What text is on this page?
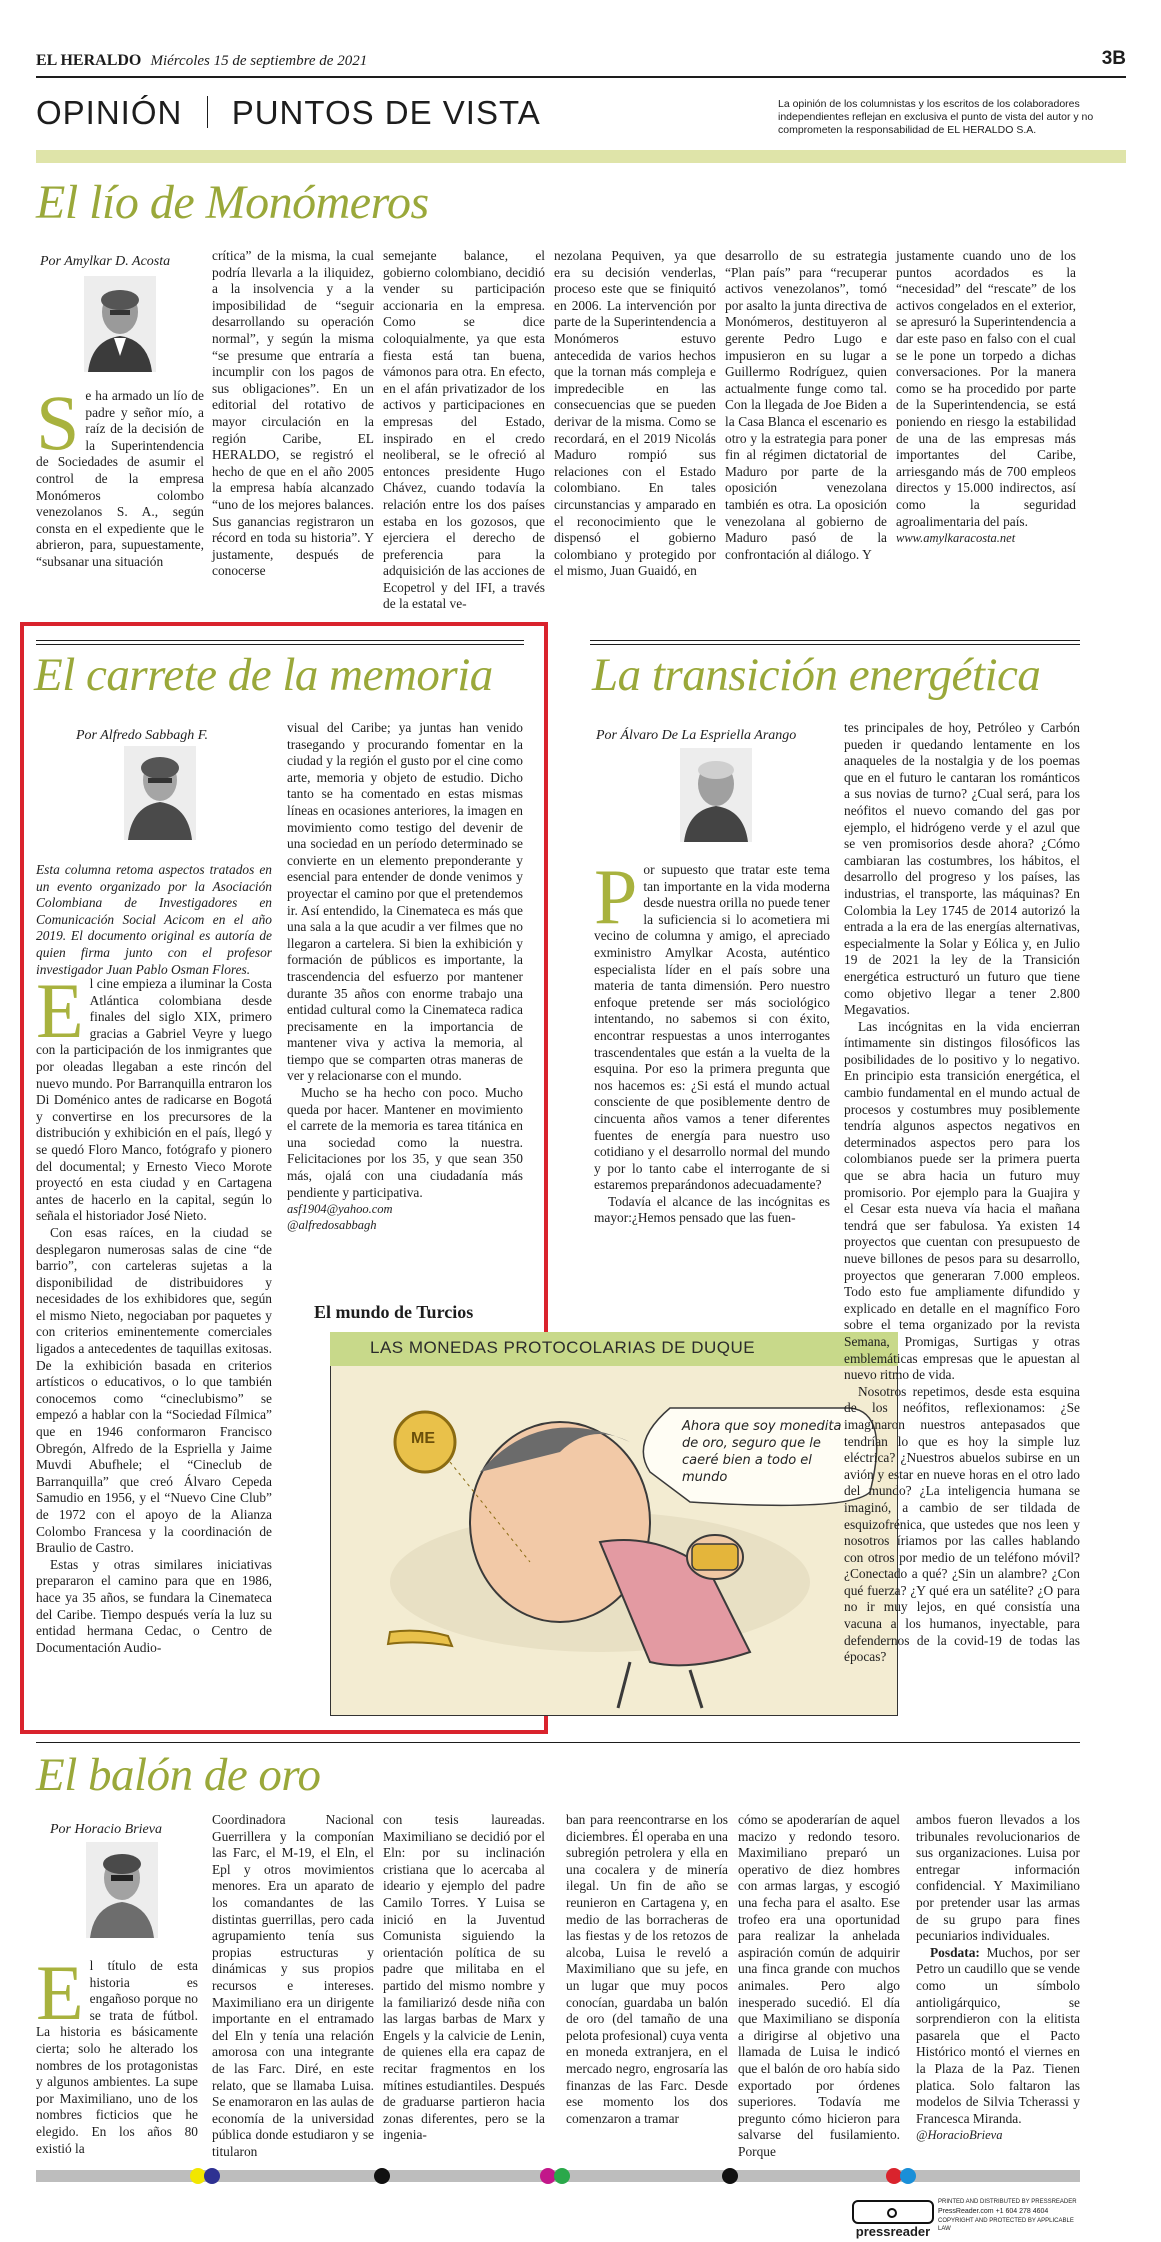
EL HERALDO Miércoles 15 de septiembre de 2021	3B
OPINIÓN PUNTOS DE VISTA	La opinión de los columnistas y los escritos de los colaboradores independientes reflejan en exclusiva el punto de vista del autor y no comprometen la responsabilidad de EL HERALDO S.A.
El lío de Monómeros
Por Amylkar D. Acosta

Se ha armado un lío de padre y señor mío, a raíz de la decisión de la Superintendencia de Sociedades de asumir el control de la empresa Monómeros colombo venezolanos S. A., según consta en el expediente que le abrieron, para, supuestamente, “subsanar una situación

crítica” de la misma, la cual podría llevarla a la iliquidez, a la insolvencia y a la imposibilidad de “seguir desarrollando su operación normal”, y según la misma “se presume que entraría a incumplir con los pagos de sus obligaciones”. En un editorial del rotativo de mayor circulación en la región Caribe, EL HERALDO, se registró el hecho de que en el año 2005 la empresa había alcanzado “uno de los mejores balances. Sus ganancias registraron un récord en toda su historia”. Y justamente, después de conocerse

semejante balance, el gobierno colombiano, decidió vender su participación accionaria en la empresa. Como se dice coloquialmente, ya que esta fiesta está tan buena, vámonos para otra. En efecto, en el afán privatizador de los activos y participaciones en empresas del Estado, inspirado en el credo neoliberal, se le ofreció al entonces presidente Hugo Chávez, cuando todavía la relación entre los dos países estaba en los gozosos, que ejerciera el derecho de preferencia para la adquisición de las acciones de Ecopetrol y del IFI, a través de la estatal ve-

nezolana Pequiven, ya que era su decisión venderlas, proceso este que se finiquitó en 2006. La intervención por parte de la Superintendencia a Monómeros estuvo antecedida de varios hechos que la tornan más compleja e impredecible en las consecuencias que se pueden derivar de la misma. Como se recordará, en el 2019 Nicolás Maduro rompió sus relaciones con el Estado colombiano. En tales circunstancias y amparado en el reconocimiento que le dispensó el gobierno colombiano y protegido por el mismo, Juan Guaidó, en

desarrollo de su estrategia “Plan país” para “recuperar activos venezolanos”, tomó por asalto la junta directiva de Monómeros, destituyeron al gerente Pedro Lugo e impusieron en su lugar a Guillermo Rodríguez, quien actualmente funge como tal. Con la llegada de Joe Biden a la Casa Blanca el escenario es otro y la estrategia para poner fin al régimen dictatorial de Maduro por parte de la oposición venezolana también es otra. La oposición venezolana al gobierno de Maduro pasó de la confrontación al diálogo. Y

justamente cuando uno de los puntos acordados es la “necesidad” del “rescate” de los activos congelados en el exterior, se apresuró la Superintendencia a dar este paso en falso con el cual se le pone un torpedo a dichas conversaciones. Por la manera como se ha procedido por parte de la Superintendencia, se está poniendo en riesgo la estabilidad de una de las empresas más importantes del Caribe, arriesgando más de 700 empleos directos y 15.000 indirectos, así como la seguridad agroalimentaria del país.

www.amylkaracosta.net
El carrete de la memoria
Por Alfredo Sabbagh F.
Esta columna retoma aspectos tratados en un evento organizado por la Asociación Colombiana de Investigadores en Comunicación Social Acicom en el año 2019. El documento original es autoría de quien firma junto con el profesor investigador Juan Pablo Osman Flores.

El cine empieza a iluminar la Costa Atlántica colombiana desde finales del siglo XIX, primero gracias a Gabriel Veyre y luego con la participación de los inmigrantes que por oleadas llegaban a este rincón del nuevo mundo. Por Barranquilla entraron los Di Doménico antes de radicarse en Bogotá y convertirse en los precursores de la distribución y exhibición en el país, llegó y se quedó Floro Manco, fotógrafo y pionero del documental; y Ernesto Vieco Morote proyectó en esta ciudad y en Cartagena antes de hacerlo en la capital, según lo señala el historiador José Nieto.

Con esas raíces, en la ciudad se desplegaron numerosas salas de cine “de barrio”, con carteleras sujetas a la disponibilidad de distribuidores y necesidades de los exhibidores que, según el mismo Nieto, negociaban por paquetes y con criterios eminentemente comerciales ligados a antecedentes de taquillas exitosas. De la exhibición basada en criterios artísticos o educativos, o lo que también conocemos como “cineclubismo” se empezó a hablar con la “Sociedad Fílmica” que en 1946 conformaron Francisco Obregón, Alfredo de la Espriella y Jaime Muvdi Abufhele; el “Cineclub de Barranquilla” que creó Álvaro Cepeda Samudio en 1956, y el “Nuevo Cine Club” de 1972 con el apoyo de la Alianza Colombo Francesa y la coordinación de Braulio de Castro.

Estas y otras similares iniciativas prepararon el camino para que en 1986, hace ya 35 años, se fundara la Cinemateca del Caribe. Tiempo después vería la luz su entidad hermana Cedac, o Centro de Documentación Audio-

visual del Caribe; ya juntas han venido trasegando y procurando fomentar en la ciudad y la región el gusto por el cine como arte, memoria y objeto de estudio. Dicho tanto se ha comentado en estas mismas líneas en ocasiones anteriores, la imagen en movimiento como testigo del devenir de una sociedad en un período determinado se convierte en un elemento preponderante y esencial para entender de donde venimos y proyectar el camino por que el pretendemos ir. Así entendido, la Cinemateca es más que una sala a la que acudir a ver filmes que no llegaron a cartelera. Si bien la exhibición y formación de públicos es importante, la trascendencia del esfuerzo por mantener durante 35 años con enorme trabajo una entidad cultural como la Cinemateca radica precisamente en la importancia de mantener viva y activa la memoria, al tiempo que se comparten otras maneras de ver y relacionarse con el mundo.

Mucho se ha hecho con poco. Mucho queda por hacer. Mantener en movimiento el carrete de la memoria es tarea titánica en una sociedad como la nuestra. Felicitaciones por los 35, y que sean 350 más, ojalá con una ciudadanía más pendiente y participativa.

asf1904@yahoo.com
@alfredosabbagh
El mundo de Turcios
LAS MONEDAS PROTOCOLARIAS DE DUQUE
Ahora que soy monedita de oro, seguro que le caeré bien a todo el mundo
ME
La transición energética
Por Álvaro De La Espriella Arango

Por supuesto que tratar este tema tan importante en la vida moderna desde nuestra orilla no puede tener la suficiencia si lo acometiera mi vecino de columna y amigo, el apreciado exministro Amylkar Acosta, auténtico especialista líder en el país sobre una materia de tanta dimensión. Pero nuestro enfoque pretende ser más sociológico intentando, no sabemos si con éxito, encontrar respuestas a unos interrogantes trascendentales que están a la vuelta de la esquina. Por eso la primera pregunta que nos hacemos es: ¿Si está el mundo actual consciente de que posiblemente dentro de cincuenta años vamos a tener diferentes fuentes de energía para nuestro uso cotidiano y el desarrollo normal del mundo y por lo tanto cabe el interrogante de si estaremos preparándonos adecuadamente?

Todavía el alcance de las incógnitas es mayor:¿Hemos pensado que las fuen-

tes principales de hoy, Petróleo y Carbón pueden ir quedando lentamente en los anaqueles de la nostalgia y de los poemas que en el futuro le cantaran los románticos a sus novias de turno? ¿Cual será, para los neófitos el nuevo comando del gas por ejemplo, el hidrógeno verde y el azul que se ven promisorios desde ahora? ¿Cómo cambiaran las costumbres, los hábitos, el desarrollo del progreso y los países, las industrias, el transporte, las máquinas? En Colombia la Ley 1745 de 2014 autorizó la entrada a la era de las energías alternativas, especialmente la Solar y Eólica y, en Julio 19 de 2021 la ley de la Transición energética estructuró un futuro que tiene como objetivo llegar a tener 2.800 Megavatios.

Las incógnitas en la vida encierran íntimamente sin distingos filosóficos las posibilidades de lo positivo y lo negativo. En principio esta transición energética, el cambio fundamental en el mundo actual de procesos y costumbres muy posiblemente tendría algunos aspectos negativos en determinados aspectos pero para los colombianos puede ser la primera puerta que se abra hacia un futuro muy promisorio. Por ejemplo para la Guajira y el Cesar esta nueva vía hacia el mañana tendrá que ser fabulosa. Ya existen 14 proyectos que cuentan con presupuesto de nueve billones de pesos para su desarrollo, proyectos que generaran 7.000 empleos. Todo esto fue ampliamente difundido y explicado en detalle en el magnífico Foro sobre el tema organizado por la revista Semana, Promigas, Surtigas y otras emblemáticas empresas que le apuestan al nuevo ritmo de vida.

Nosotros repetimos, desde esta esquina de los neófitos, reflexionamos: ¿Se imaginaron nuestros antepasados que tendrían lo que es hoy la simple luz eléctrica? ¿Nuestros abuelos subirse en un avión y estar en nueve horas en el otro lado del mundo? ¿La inteligencia humana se imaginó, a cambio de ser tildada de esquizofrénica, que ustedes que nos leen y nosotros íriamos por las calles hablando con otros por medio de un teléfono móvil? ¿Conectado a qué? ¿Sin un alambre? ¿Con qué fuerza? ¿Y qué era un satélite? ¿O para no ir muy lejos, en qué consistía una vacuna a los humanos, inyectable, para defendernos de la covid-19 de todas las épocas?

El balón de oro
Por Horacio Brieva

El título de esta historia es engañoso porque no se trata de fútbol. La historia es básicamente cierta; solo he alterado los nombres de los protagonistas y algunos ambientes. La supe por Maximiliano, uno de los nombres ficticios que he elegido. En los años 80 existió la

Coordinadora Nacional Guerrillera y la componían las Farc, el M-19, el Eln, el Epl y otros movimientos menores. Era un aparato de los comandantes de las distintas guerrillas, pero cada agrupamiento tenía sus propias estructuras y dinámicas y sus propios recursos e intereses. Maximiliano era un dirigente importante en el entramado del Eln y tenía una relación amorosa con una integrante de las Farc. Diré, en este relato, que se llamaba Luisa. Se enamoraron en las aulas de economía de la universidad pública donde estudiaron y se titularon

con tesis laureadas. Maximiliano se decidió por el Eln: por su inclinación cristiana que lo acercaba al ideario y ejemplo del padre Camilo Torres. Y Luisa se inició en la Juventud Comunista siguiendo la orientación política de su padre que militaba en el partido del mismo nombre y la familiarizó desde niña con las largas barbas de Marx y Engels y la calvicie de Lenin, de quienes ella era capaz de recitar fragmentos en los mítines estudiantiles. Después de graduarse partieron hacia zonas diferentes, pero se la ingenia-

ban para reencontrarse en los diciembres. Él operaba en una subregión petrolera y ella en una cocalera y de minería ilegal. Un fin de año se reunieron en Cartagena y, en medio de las borracheras de las fiestas y de los retozos de alcoba, Luisa le reveló a Maximiliano que su jefe, en un lugar que muy pocos conocían, guardaba un balón de oro (del tamaño de una pelota profesional) cuya venta en moneda extranjera, en el mercado negro, engrosaría las finanzas de las Farc. Desde ese momento los dos comenzaron a tramar

cómo se apoderarían de aquel macizo y redondo tesoro. Maximiliano preparó un operativo de diez hombres con armas largas, y escogió una fecha para el asalto. Ese trofeo era una oportunidad para realizar la anhelada aspiración común de adquirir una finca grande con muchos animales. Pero algo inesperado sucedió. El día que Maximiliano se disponía a dirigirse al objetivo una llamada de Luisa le indicó que el balón de oro había sido exportado por órdenes superiores. Todavía me pregunto cómo hicieron para salvarse del fusilamiento. Porque

ambos fueron llevados a los tribunales revolucionarios de sus organizaciones. Luisa por entregar información confidencial. Y Maximiliano por pretender usar las armas de su grupo para fines pecuniarios individuales.

Posdata: Muchos, por ser Petro un caudillo que se vende como un símbolo antioligárquico, se sorprendieron con la elitista pasarela que el Pacto Histórico montó el viernes en la Plaza de la Paz. Tienen platica. Solo faltaron las modelos de Silvia Tcherassi y Francesca Miranda.

@HoracioBrieva
pressreader
PRINTED AND DISTRIBUTED BY PRESSREADER
PressReader.com +1 604 278 4604
COPYRIGHT AND PROTECTED BY APPLICABLE LAW
